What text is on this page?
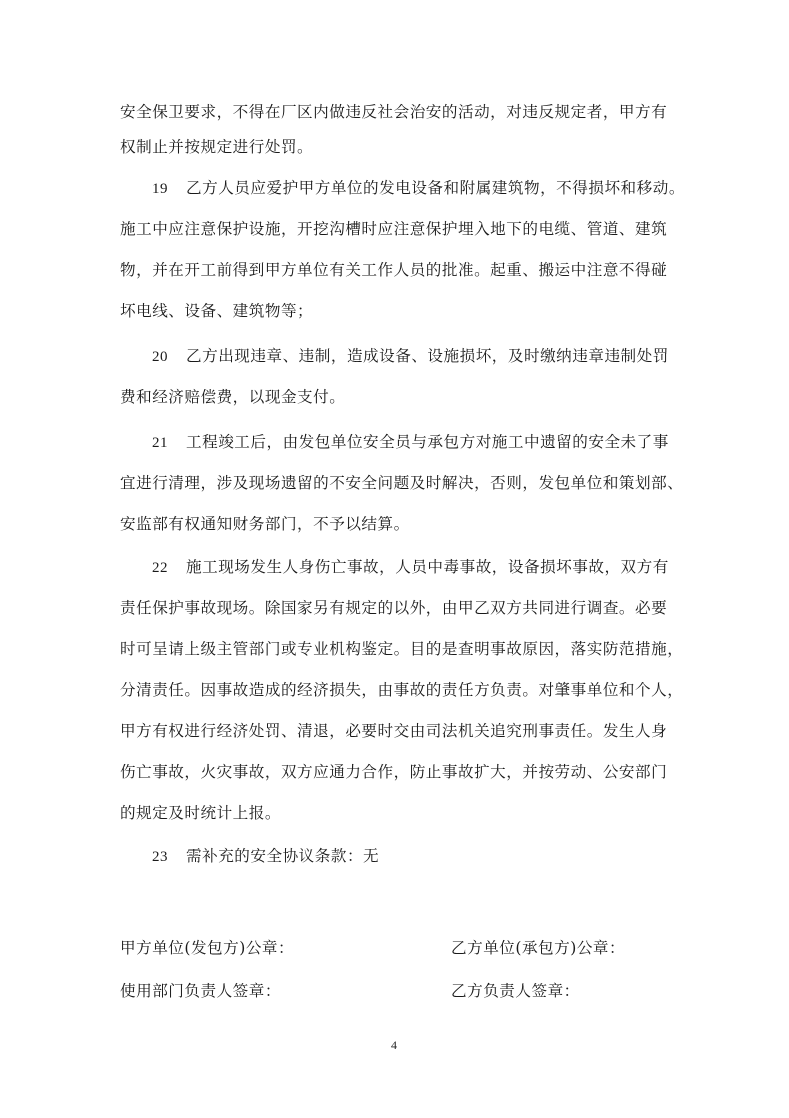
安全保卫要求，不得在厂区内做违反社会治安的活动，对违反规定者，甲方有
权制止并按规定进行处罚。
19 乙方人员应爱护甲方单位的发电设备和附属建筑物，不得损坏和移动。
施工中应注意保护设施，开挖沟槽时应注意保护埋入地下的电缆、管道、建筑
物，并在开工前得到甲方单位有关工作人员的批准。起重、搬运中注意不得碰
坏电线、设备、建筑物等；
20 乙方出现违章、违制，造成设备、设施损坏，及时缴纳违章违制处罚
费和经济赔偿费，以现金支付。
21 工程竣工后，由发包单位安全员与承包方对施工中遗留的安全未了事
宜进行清理，涉及现场遗留的不安全问题及时解决，否则，发包单位和策划部、
安监部有权通知财务部门，不予以结算。
22 施工现场发生人身伤亡事故，人员中毒事故，设备损坏事故，双方有
责任保护事故现场。除国家另有规定的以外，由甲乙双方共同进行调查。必要
时可呈请上级主管部门或专业机构鉴定。目的是查明事故原因，落实防范措施，
分清责任。因事故造成的经济损失，由事故的责任方负责。对肇事单位和个人，
甲方有权进行经济处罚、清退，必要时交由司法机关追究刑事责任。发生人身
伤亡事故，火灾事故，双方应通力合作，防止事故扩大，并按劳动、公安部门
的规定及时统计上报。
23 需补充的安全协议条款：无
甲方单位(发包方)公章：	乙方单位(承包方)公章：
使用部门负责人签章：	乙方负责人签章：
4
